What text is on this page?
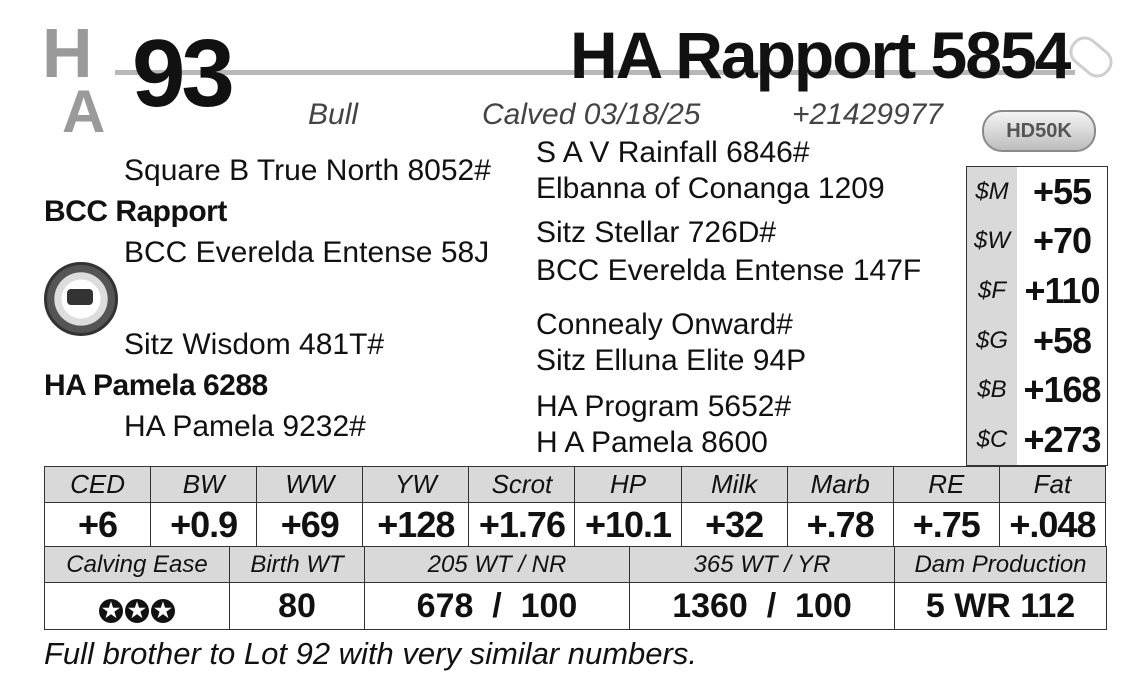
H
A 93	HA Rapport 5854
Bull	Calved 03/18/25	+21429977	HD50K
Square B True North 8052#
BCC Rapport
BCC Everelda Entense 58J
Sitz Wisdom 481T#
HA Pamela 6288
HA Pamela 9232#
S A V Rainfall 6846#
Elbanna of Conanga 1209
Sitz Stellar 726D#
BCC Everelda Entense 147F
Connealy Onward#
Sitz Elluna Elite 94P
HA Program 5652#
H A Pamela 8600
$M +55
$W +70
$F +110
$G +58
$B +168
$C +273
CED	BW	WW	YW	Scrot	HP	Milk	Marb	RE	Fat
+6	+0.9	+69	+128	+1.76	+10.1	+32	+.78	+.75	+.048
Calving Ease	Birth WT	205 WT / NR	365 WT / YR	Dam Production
★ ★ ★	80	678  /  100	1360  /  100	5 WR 112
Full brother to Lot 92 with very similar numbers.
